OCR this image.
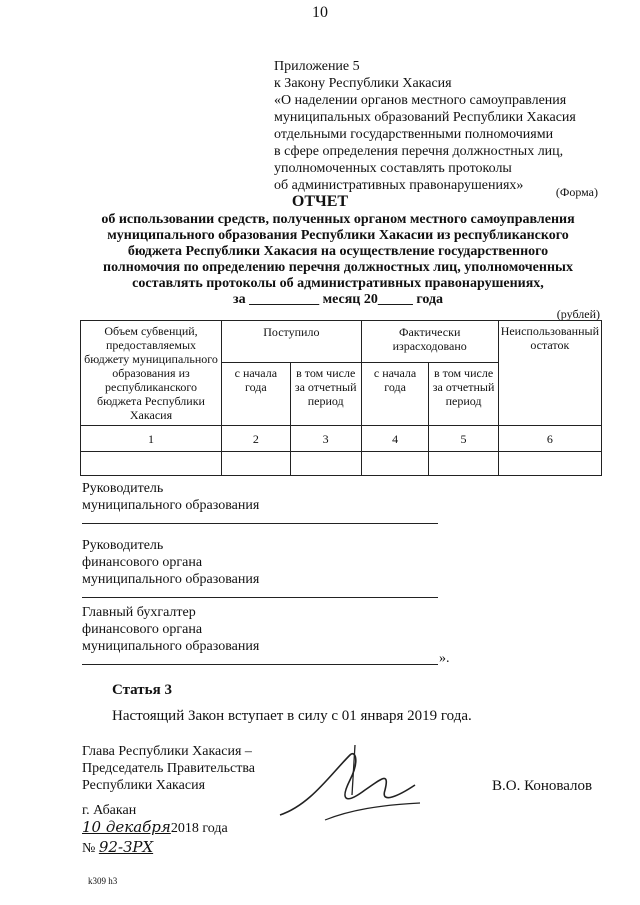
10
Приложение 5
к Закону Республики Хакасия
«О наделении органов местного самоуправления
муниципальных образований Республики Хакасия
отдельными государственными полномочиями
в сфере определения перечня должностных лиц,
уполномоченных составлять протоколы
об административных правонарушениях»	(Форма)
ОТЧЕТ
об использовании средств, полученных органом местного самоуправления
муниципального образования Республики Хакасии из республиканского
бюджета Республики Хакасия на осуществление государственного
полномочия по определению перечня должностных лиц, уполномоченных
составлять протоколы об административных правонарушениях,
за __________ месяц 20_____ года
(рублей)
Объем субвенций, предоставляемых бюджету муниципального образования из республиканского бюджета Республики Хакасия	Поступило		Фактически израсходовано		Неиспользованный остаток
	с начала года	в том числе за отчетный период	с начала года	в том числе за отчетный период	
1	2	3	4	5	6

Руководитель
муниципального образования
Руководитель
финансового органа
муниципального образования
Главный бухгалтер
финансового органа
муниципального образования
».
Статья 3
Настоящий Закон вступает в силу с 01 января 2019 года.
Глава Республики Хакасия –
Председатель Правительства
Республики Хакасия	В.О. Коновалов
г. Абакан
10 декабря2018 года
№ 92-ЗРХ
k309 h3
